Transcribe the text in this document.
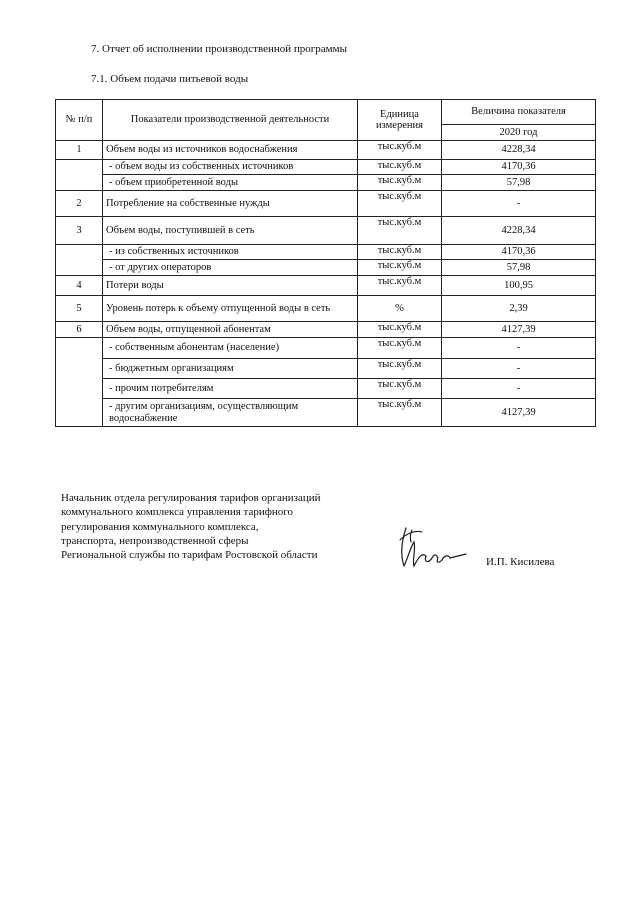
7. Отчет об исполнении производственной программы
7.1. Объем подачи питьевой воды
№ п/п	Показатели производственной деятельности	Единица измерения	Величина показателя
			2020 год
1	Объем воды из источников водоснабжения	тыс.куб.м	4228,34
	- объем воды из собственных источников	тыс.куб.м	4170,36
	- объем приобретенной воды	тыс.куб.м	57,98
2	Потребление на собственные нужды	тыс.куб.м	-
3	Объем воды, поступившей в сеть	тыс.куб.м	4228,34
	- из собственных источников	тыс.куб.м	4170,36
	- от других операторов	тыс.куб.м	57,98
4	Потери воды	тыс.куб.м	100,95
5	Уровень потерь к объему отпущенной воды в сеть	%	2,39
6	Объем воды, отпущенной абонентам	тыс.куб.м	4127,39
	- собственным абонентам (население)	тыс.куб.м	-
	- бюджетным организациям	тыс.куб.м	-
	- прочим потребителям	тыс.куб.м	-
	- другим организациям, осуществляющим водоснабжение	тыс.куб.м	4127,39
Начальник отдела регулирования тарифов организаций
коммунального комплекса управления тарифного
регулирования коммунального комплекса,
транспорта, непроизводственной сферы
Региональной службы по тарифам Ростовской области
И.П. Кисилева
